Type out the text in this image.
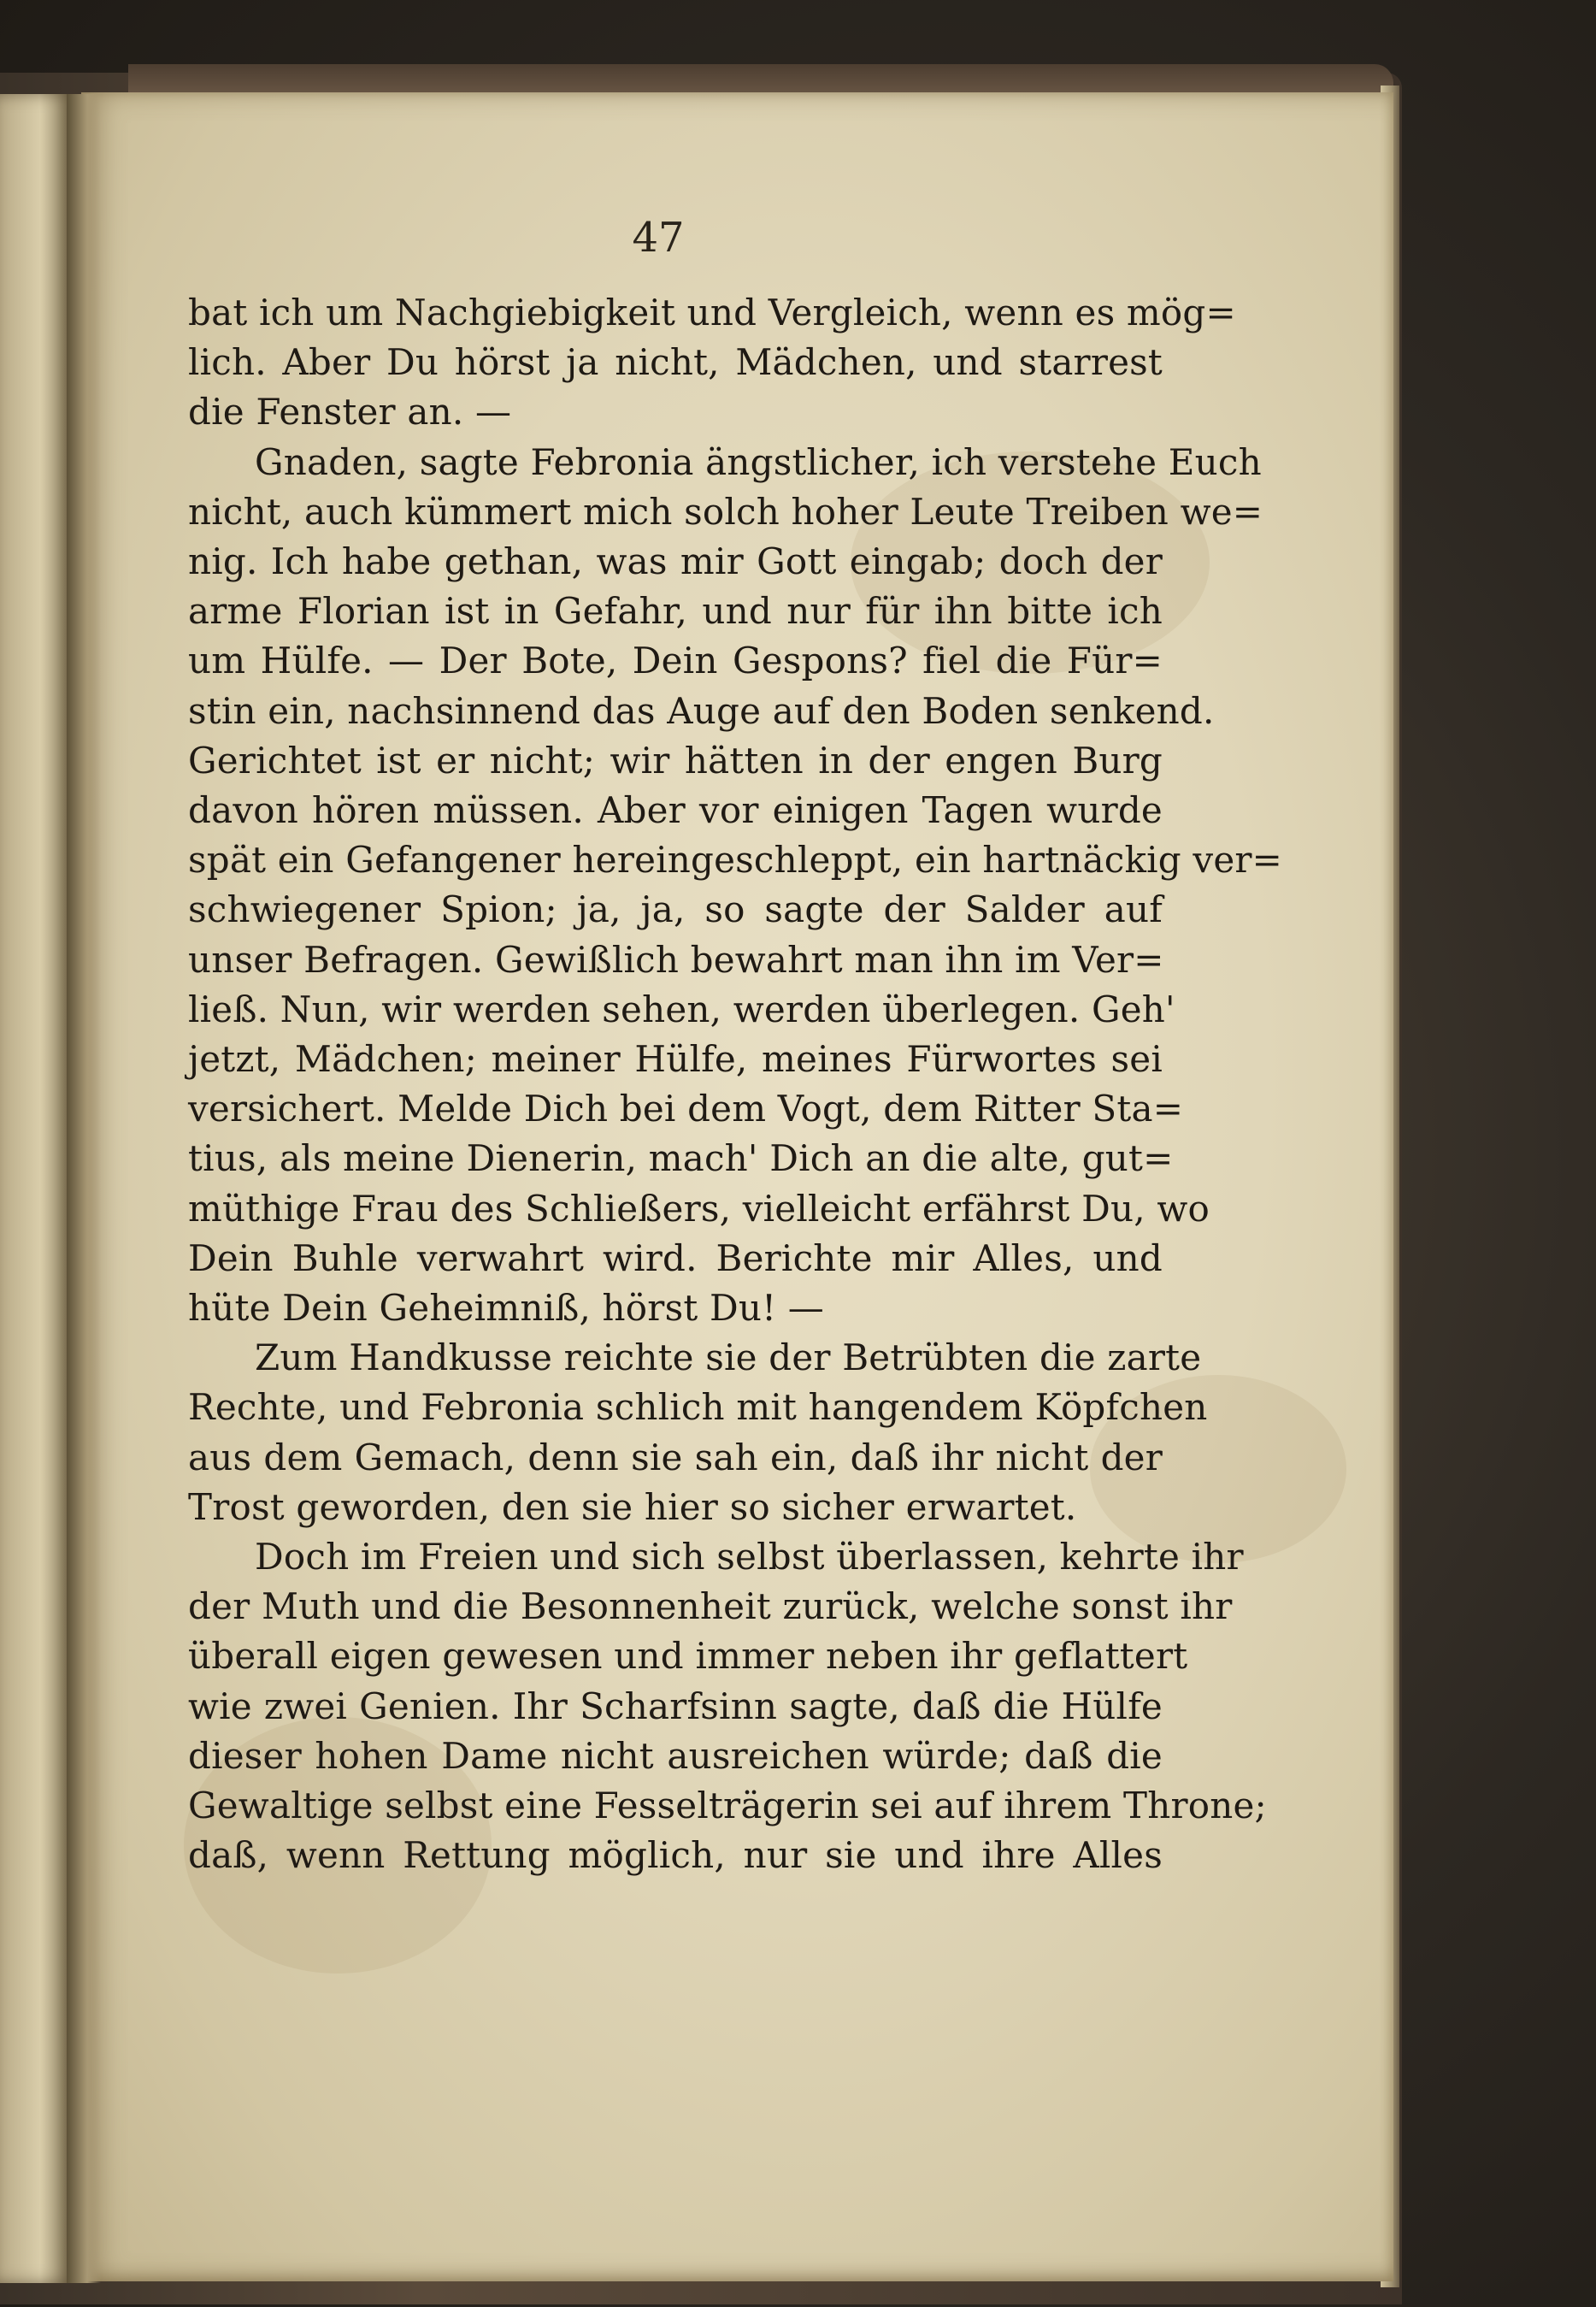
47
bat ich um Nachgiebigkeit und Vergleich, wenn es mög=
lich. Aber Du hörst ja nicht, Mädchen, und starrest
die Fenster an. —
Gnaden, sagte Febronia ängstlicher, ich verstehe Euch
nicht, auch kümmert mich solch hoher Leute Treiben we=
nig. Ich habe gethan, was mir Gott eingab; doch der
arme Florian ist in Gefahr, und nur für ihn bitte ich
um Hülfe. — Der Bote, Dein Gespons? fiel die Für=
stin ein, nachsinnend das Auge auf den Boden senkend.
Gerichtet ist er nicht; wir hätten in der engen Burg
davon hören müssen. Aber vor einigen Tagen wurde
spät ein Gefangener hereingeschleppt, ein hartnäckig ver=
schwiegener Spion; ja, ja, so sagte der Salder auf
unser Befragen. Gewißlich bewahrt man ihn im Ver=
ließ. Nun, wir werden sehen, werden überlegen. Geh'
jetzt, Mädchen; meiner Hülfe, meines Fürwortes sei
versichert. Melde Dich bei dem Vogt, dem Ritter Sta=
tius, als meine Dienerin, mach' Dich an die alte, gut=
müthige Frau des Schließers, vielleicht erfährst Du, wo
Dein Buhle verwahrt wird. Berichte mir Alles, und
hüte Dein Geheimniß, hörst Du! —
Zum Handkusse reichte sie der Betrübten die zarte
Rechte, und Febronia schlich mit hangendem Köpfchen
aus dem Gemach, denn sie sah ein, daß ihr nicht der
Trost geworden, den sie hier so sicher erwartet.
Doch im Freien und sich selbst überlassen, kehrte ihr
der Muth und die Besonnenheit zurück, welche sonst ihr
überall eigen gewesen und immer neben ihr geflattert
wie zwei Genien. Ihr Scharfsinn sagte, daß die Hülfe
dieser hohen Dame nicht ausreichen würde; daß die
Gewaltige selbst eine Fesselträgerin sei auf ihrem Throne;
daß, wenn Rettung möglich, nur sie und ihre Alles
